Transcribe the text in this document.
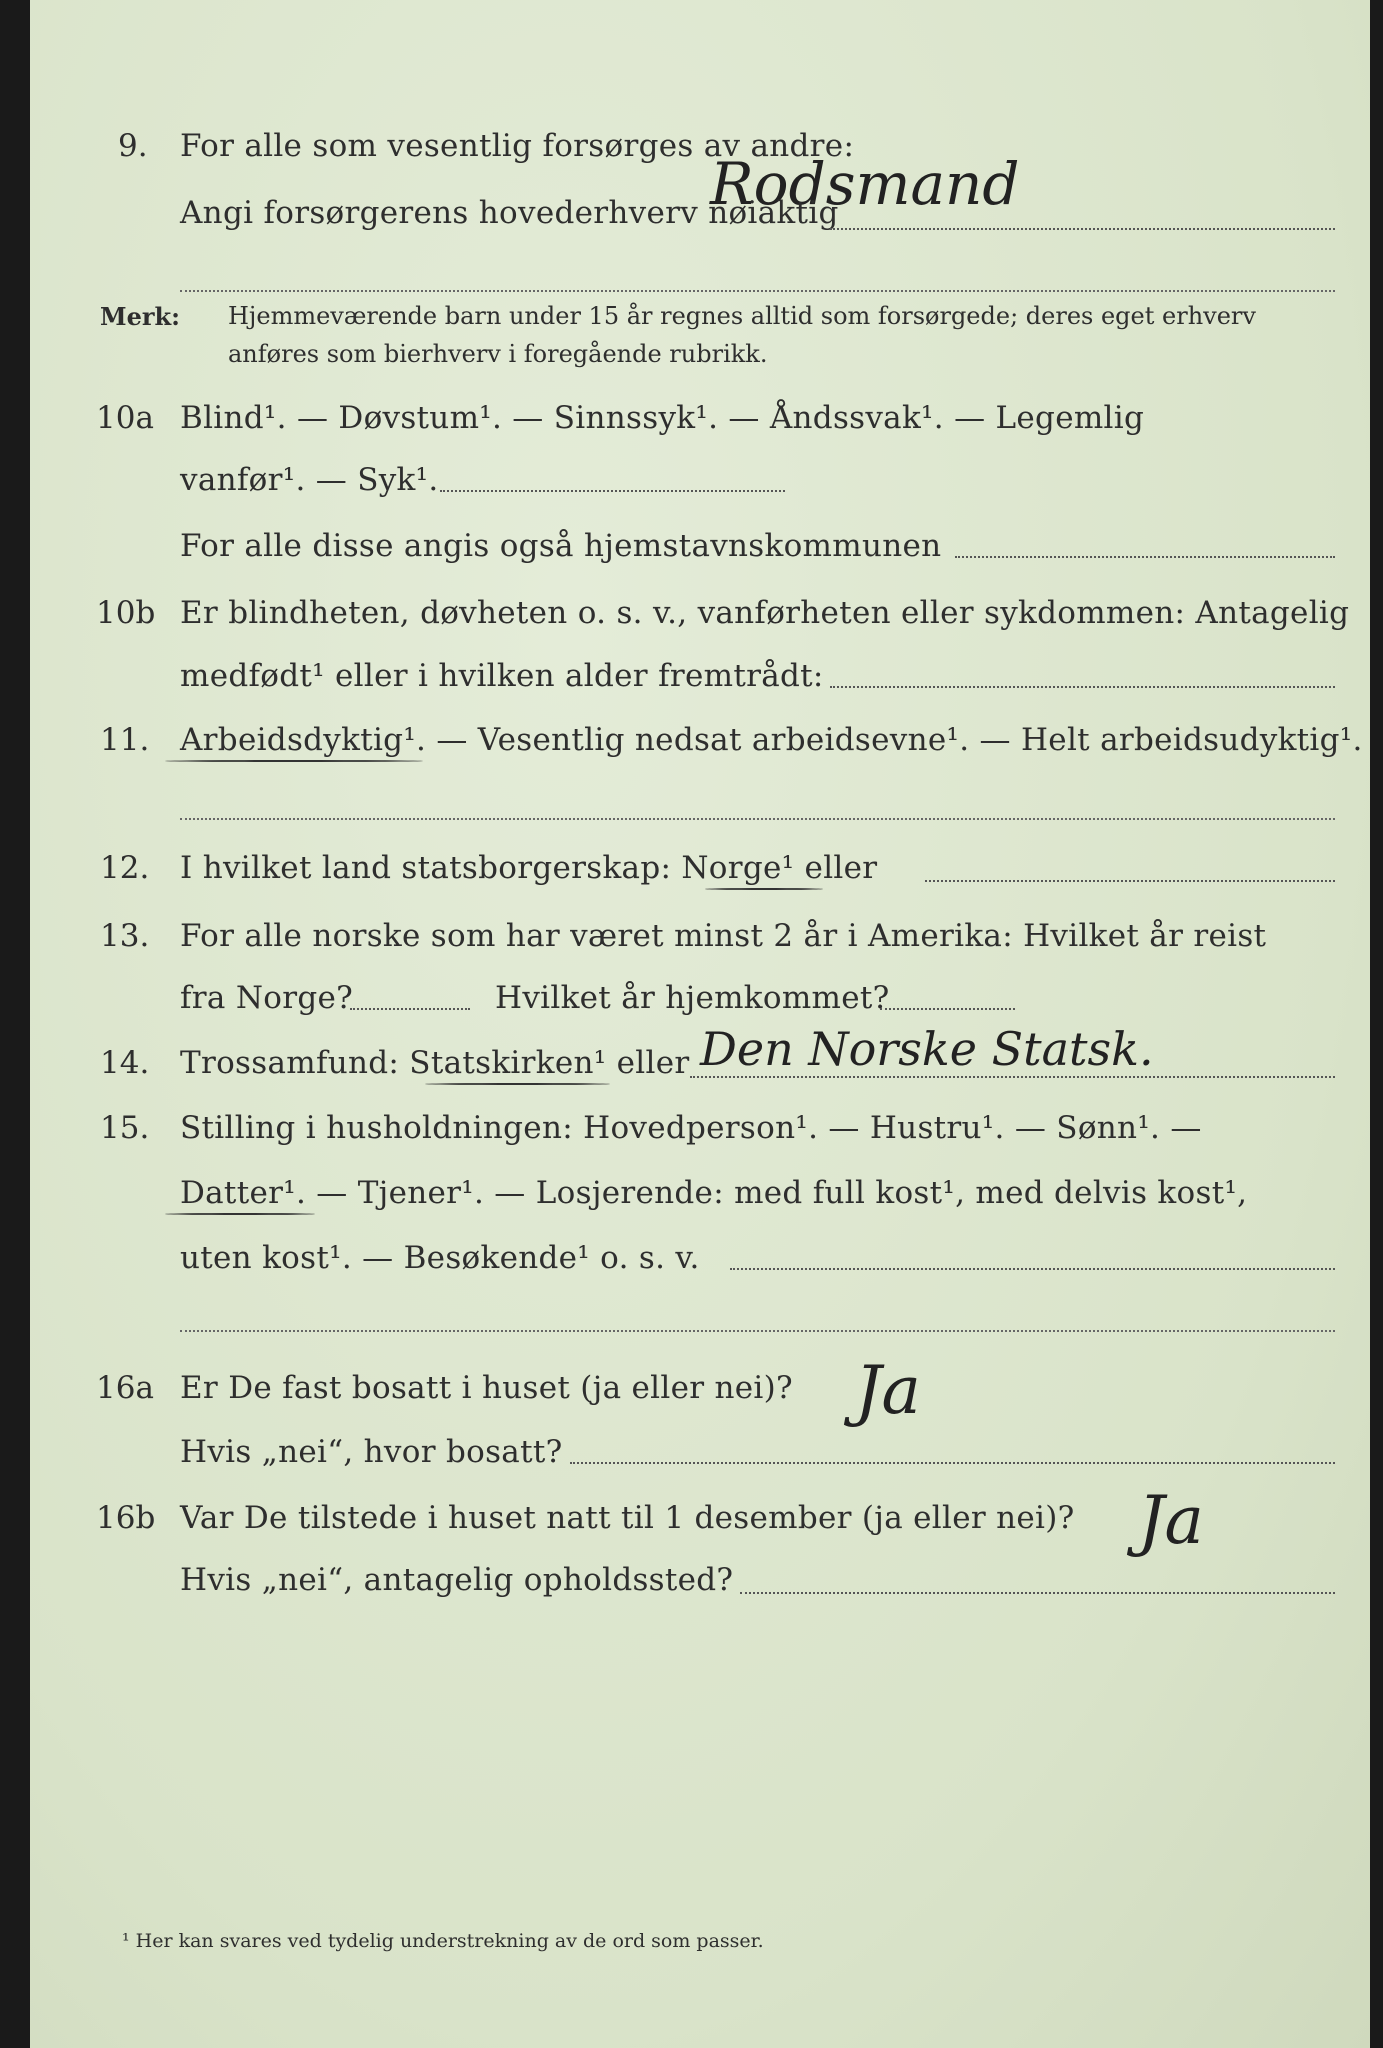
9. For alle som vesentlig forsørges av andre:
Rodsmand
Angi forsørgerens hovederhverv nøiaktig
Merk: Hjemmeværende barn under 15 år regnes alltid som forsørgede; deres eget erhverv
anføres som bierhverv i foregående rubrikk.
10a Blind¹. — Døvstum¹. — Sinnssyk¹. — Åndssvak¹. — Legemlig
vanfør¹. — Syk¹.
For alle disse angis også hjemstavnskommunen
10b Er blindheten, døvheten o. s. v., vanførheten eller sykdommen: Antagelig
medfødt¹ eller i hvilken alder fremtrådt:
11. Arbeidsdyktig¹. — Vesentlig nedsat arbeidsevne¹. — Helt arbeidsudyktig¹.
12. I hvilket land statsborgerskap: Norge¹ eller
13. For alle norske som har været minst 2 år i Amerika: Hvilket år reist
fra Norge?	Hvilket år hjemkommet?
14. Trossamfund: Statskirken¹ eller Den Norske Statsk.
15. Stilling i husholdningen: Hovedperson¹. — Hustru¹. — Sønn¹. —
Datter¹. — Tjener¹. — Losjerende: med full kost¹, med delvis kost¹,
uten kost¹. — Besøkende¹ o. s. v.
16a Er De fast bosatt i huset (ja eller nei)? Ja
Hvis „nei“, hvor bosatt?
16b Var De tilstede i huset natt til 1 desember (ja eller nei)? Ja
Hvis „nei“, antagelig opholdssted?
¹ Her kan svares ved tydelig understrekning av de ord som passer.
